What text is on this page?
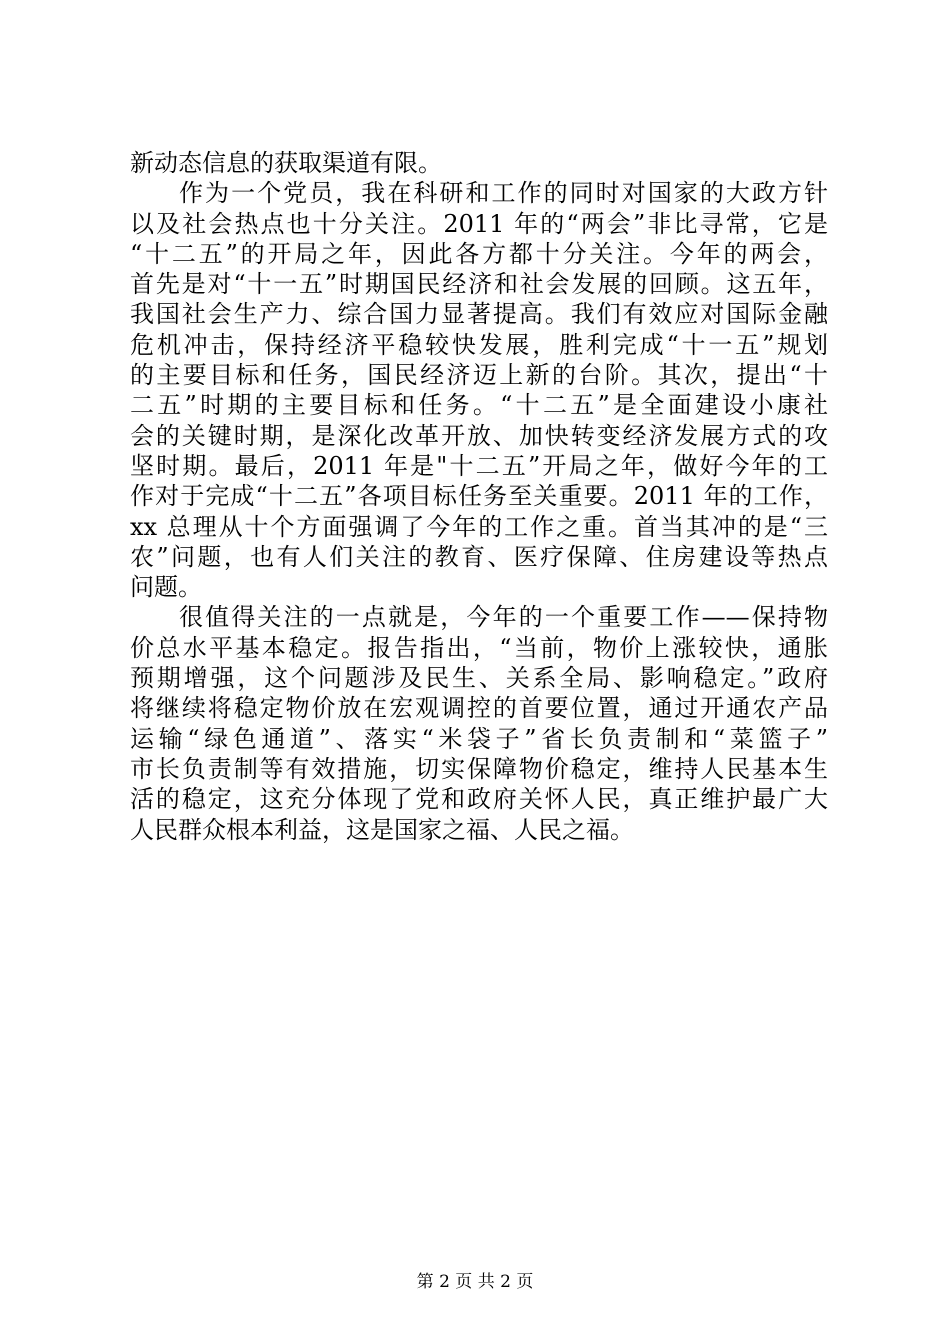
新动态信息的获取渠道有限。
作为一个党员，我在科研和工作的同时对国家的大政方针
以及社会热点也十分关注。2011 年的“两会”非比寻常，它是
“十二五”的开局之年，因此各方都十分关注。今年的两会，
首先是对“十一五”时期国民经济和社会发展的回顾。这五年，
我国社会生产力、综合国力显著提高。我们有效应对国际金融
危机冲击，保持经济平稳较快发展，胜利完成“十一五”规划
的主要目标和任务，国民经济迈上新的台阶。其次，提出“十
二五”时期的主要目标和任务。“十二五”是全面建设小康社
会的关键时期，是深化改革开放、加快转变经济发展方式的攻
坚时期。最后，2011 年是"十二五”开局之年，做好今年的工
作对于完成“十二五”各项目标任务至关重要。2011 年的工作，
xx 总理从十个方面强调了今年的工作之重。首当其冲的是“三
农”问题，也有人们关注的教育、医疗保障、住房建设等热点
问题。
很值得关注的一点就是，今年的一个重要工作——保持物
价总水平基本稳定。报告指出，“当前，物价上涨较快，通胀
预期增强，这个问题涉及民生、关系全局、影响稳定。”政府
将继续将稳定物价放在宏观调控的首要位置，通过开通农产品
运输“绿色通道”、落实“米袋子”省长负责制和“菜篮子”
市长负责制等有效措施，切实保障物价稳定，维持人民基本生
活的稳定，这充分体现了党和政府关怀人民，真正维护最广大
人民群众根本利益，这是国家之福、人民之福。
第 2 页 共 2 页
